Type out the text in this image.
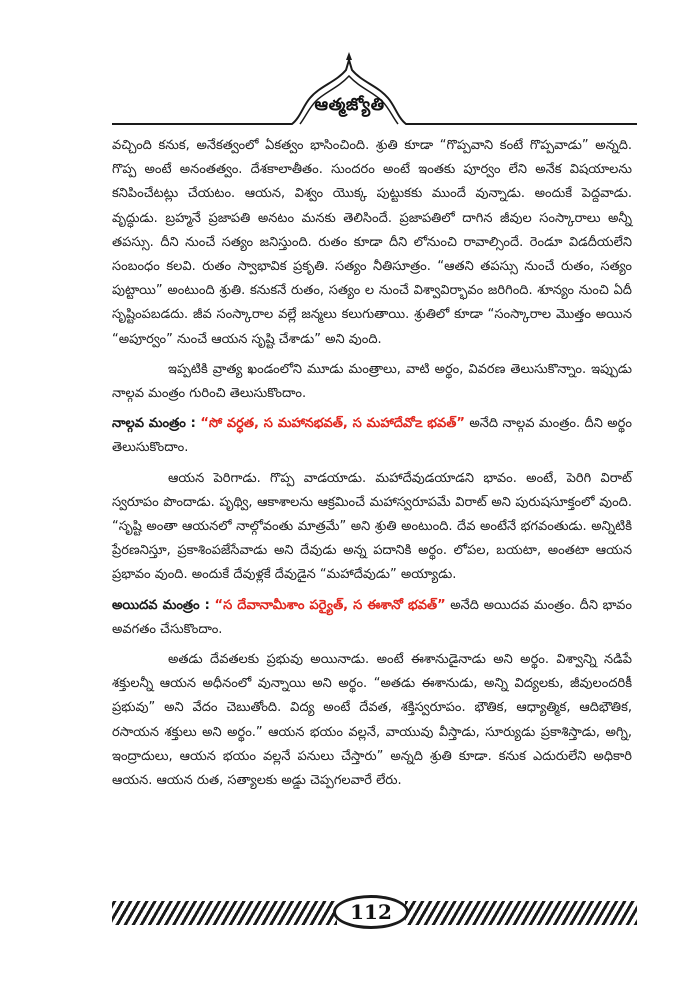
ఆత్మజ్యోతి

వచ్చింది కనుక, అనేకత్వంలో ఏకత్వం భాసించింది. శ్రుతి కూడా “గొప్పవాని కంటే గొప్పవాడు” అన్నది. గొప్ప అంటే అనంతత్వం. దేశకాలాతీతం. సుందరం అంటే ఇంతకు పూర్వం లేని అనేక విషయాలను కనిపించేటట్లు చేయటం. ఆయన, విశ్వం యొక్క పుట్టుకకు ముందే వున్నాడు. అందుకే పెద్దవాడు. వృద్ధుడు. బ్రహ్మనే ప్రజాపతి అనటం మనకు తెలిసిందే. ప్రజాపతిలో దాగిన జీవుల సంస్కారాలు అన్నీ తపస్సు. దీని నుంచే సత్యం జనిస్తుంది. రుతం కూడా దీని లోనుంచి రావాల్సిందే. రెండూ విడదీయలేని సంబంధం కలవి. రుతం స్వాభావిక ప్రకృతి. సత్యం నీతిసూత్రం. “ఆతని తపస్సు నుంచే రుతం, సత్యం పుట్టాయి” అంటుంది శ్రుతి. కనుకనే రుతం, సత్యం ల నుంచే విశ్వావిర్భావం జరిగింది. శూన్యం నుంచి ఏదీ సృష్టింపబడదు. జీవ సంస్కారాల వల్లే జన్మలు కలుగుతాయి. శ్రుతిలో కూడా “సంస్కారాల మొత్తం అయిన “అపూర్వం” నుంచే ఆయన సృష్టి చేశాడు” అని వుంది.

ఇప్పటికి వ్రాత్య ఖండంలోని మూడు మంత్రాలు, వాటి అర్థం, వివరణ తెలుసుకొన్నాం. ఇప్పుడు నాల్గవ మంత్రం గురించి తెలుసుకొందాం.

నాల్గవ మంత్రం : “సో వర్ధత, స మహానభవత్, స మహాదేవో౽ భవత్” అనేది నాల్గవ మంత్రం. దీని అర్థం తెలుసుకొందాం.

ఆయన పెరిగాడు. గొప్ప వాడయాడు. మహాదేవుడయాడని భావం. అంటే, పెరిగి విరాట్ స్వరూపం పొందాడు. పృథ్వి, ఆకాశాలను ఆక్రమించే మహాస్వరూపమే విరాట్ అని పురుషసూక్తంలో వుంది. “సృష్టి అంతా ఆయనలో నాల్గోవంతు మాత్రమే” అని శ్రుతి అంటుంది. దేవ అంటేనే భగవంతుడు. అన్నిటికి ప్రేరణనిస్తూ, ప్రకాశింపజేసేవాడు అని దేవుడు అన్న పదానికి అర్థం. లోపల, బయటా, అంతటా ఆయన ప్రభావం వుంది. అందుకే దేవుళ్లకే దేవుడైన “మహాదేవుడు” అయ్యాడు.

అయిదవ మంత్రం : “స దేవానామీశాం పర్యైత్, స ఈశానో భవత్” అనేది అయిదవ మంత్రం. దీని భావం అవగతం చేసుకొందాం.

అతడు దేవతలకు ప్రభువు అయినాడు. అంటే ఈశానుడైనాడు అని అర్థం. విశ్వాన్ని నడిపే శక్తులన్నీ ఆయన అధీనంలో వున్నాయి అని అర్థం. “అతడు ఈశానుడు, అన్ని విద్యలకు, జీవులందరికీ ప్రభువు” అని వేదం చెబుతోంది. విద్య అంటే దేవత, శక్తిస్వరూపం. భౌతిక, ఆధ్యాత్మిక, ఆదిభౌతిక, రసాయన శక్తులు అని అర్థం.” ఆయన భయం వల్లనే, వాయువు వీస్తాడు, సూర్యుడు ప్రకాశిస్తాడు, అగ్ని, ఇంద్రాదులు, ఆయన భయం వల్లనే పనులు చేస్తారు” అన్నది శ్రుతి కూడా. కనుక ఎదురులేని అధికారి ఆయన. ఆయన రుత, సత్యాలకు అడ్డు చెప్పగలవారే లేరు.

112
